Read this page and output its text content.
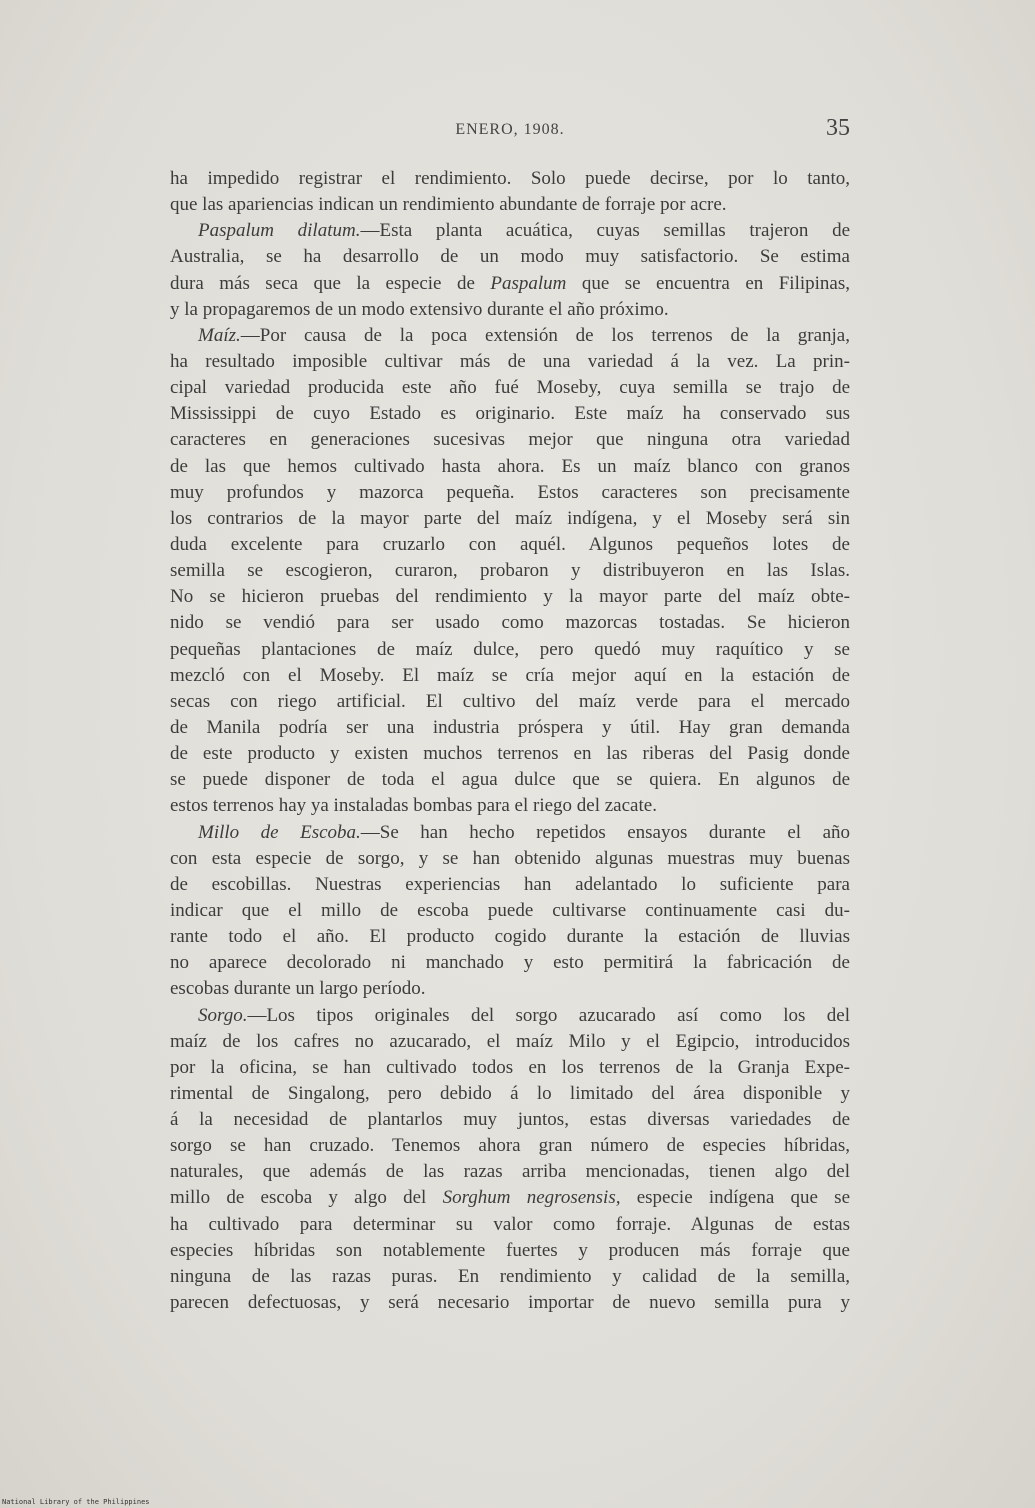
ENERO, 1908.	35
ha impedido registrar el rendimiento. Solo puede decirse, por lo tanto,
que las apariencias indican un rendimiento abundante de forraje por acre.
Paspalum dilatum.—Esta planta acuática, cuyas semillas trajeron de
Australia, se ha desarrollo de un modo muy satisfactorio. Se estima
dura más seca que la especie de Paspalum que se encuentra en Filipinas,
y la propagaremos de un modo extensivo durante el año próximo.
Maíz.—Por causa de la poca extensión de los terrenos de la granja,
ha resultado imposible cultivar más de una variedad á la vez. La prin-
cipal variedad producida este año fué Moseby, cuya semilla se trajo de
Mississippi de cuyo Estado es originario. Este maíz ha conservado sus
caracteres en generaciones sucesivas mejor que ninguna otra variedad
de las que hemos cultivado hasta ahora. Es un maíz blanco con granos
muy profundos y mazorca pequeña. Estos caracteres son precisamente
los contrarios de la mayor parte del maíz indígena, y el Moseby será sin
duda excelente para cruzarlo con aquél. Algunos pequeños lotes de
semilla se escogieron, curaron, probaron y distribuyeron en las Islas.
No se hicieron pruebas del rendimiento y la mayor parte del maíz obte-
nido se vendió para ser usado como mazorcas tostadas. Se hicieron
pequeñas plantaciones de maíz dulce, pero quedó muy raquítico y se
mezcló con el Moseby. El maíz se cría mejor aquí en la estación de
secas con riego artificial. El cultivo del maíz verde para el mercado
de Manila podría ser una industria próspera y útil. Hay gran demanda
de este producto y existen muchos terrenos en las riberas del Pasig donde
se puede disponer de toda el agua dulce que se quiera. En algunos de
estos terrenos hay ya instaladas bombas para el riego del zacate.
Millo de Escoba.—Se han hecho repetidos ensayos durante el año
con esta especie de sorgo, y se han obtenido algunas muestras muy buenas
de escobillas. Nuestras experiencias han adelantado lo suficiente para
indicar que el millo de escoba puede cultivarse continuamente casi du-
rante todo el año. El producto cogido durante la estación de lluvias
no aparece decolorado ni manchado y esto permitirá la fabricación de
escobas durante un largo período.
Sorgo.—Los tipos originales del sorgo azucarado así como los del
maíz de los cafres no azucarado, el maíz Milo y el Egipcio, introducidos
por la oficina, se han cultivado todos en los terrenos de la Granja Expe-
rimental de Singalong, pero debido á lo limitado del área disponible y
á la necesidad de plantarlos muy juntos, estas diversas variedades de
sorgo se han cruzado. Tenemos ahora gran número de especies híbridas,
naturales, que además de las razas arriba mencionadas, tienen algo del
millo de escoba y algo del Sorghum negrosensis, especie indígena que se
ha cultivado para determinar su valor como forraje. Algunas de estas
especies híbridas son notablemente fuertes y producen más forraje que
ninguna de las razas puras. En rendimiento y calidad de la semilla,
parecen defectuosas, y será necesario importar de nuevo semilla pura y
National Library of the Philippines
